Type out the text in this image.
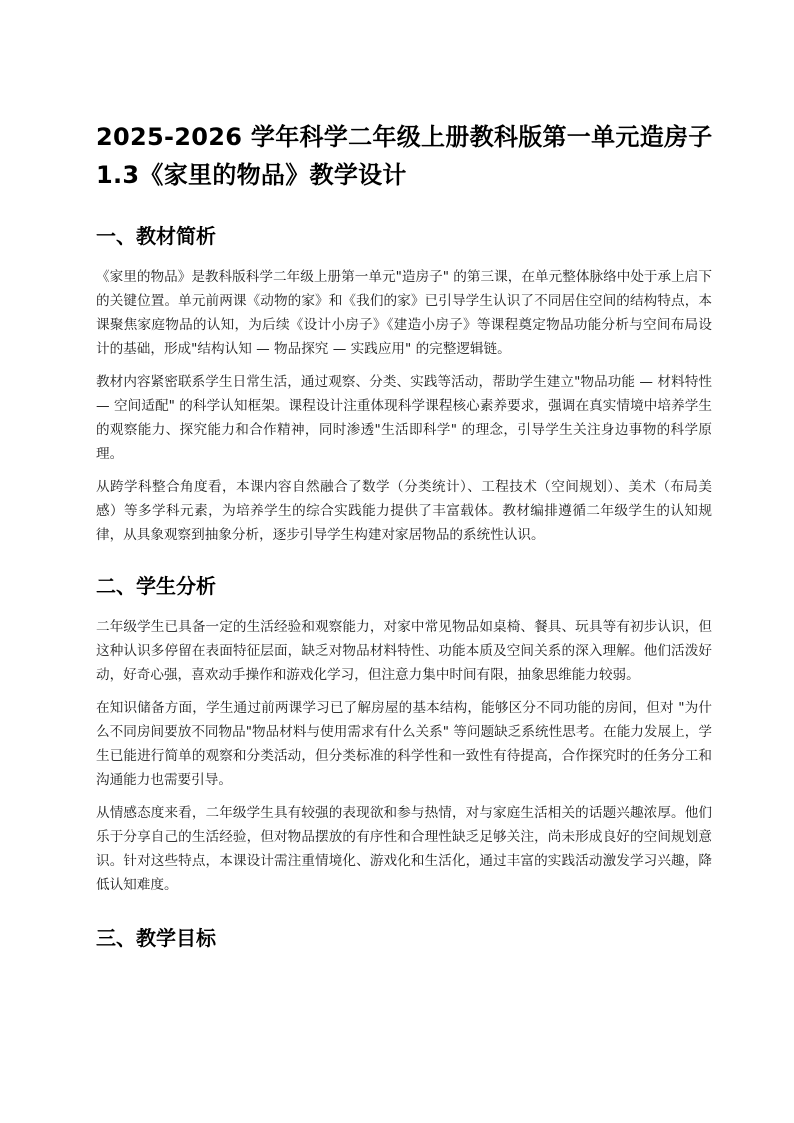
2025-2026 学年科学二年级上册教科版第一单元造房子
1.3《家里的物品》教学设计
一、教材简析

《家里的物品》是教科版科学二年级上册第一单元"造房子" 的第三课，在单元整体脉络中处于承上启下的关键位置。单元前两课《动物的家》和《我们的家》已引导学生认识了不同居住空间的结构特点，本课聚焦家庭物品的认知，为后续《设计小房子》《建造小房子》等课程奠定物品功能分析与空间布局设计的基础，形成"结构认知 — 物品探究 — 实践应用" 的完整逻辑链。

教材内容紧密联系学生日常生活，通过观察、分类、实践等活动，帮助学生建立"物品功能 — 材料特性 — 空间适配" 的科学认知框架。课程设计注重体现科学课程核心素养要求，强调在真实情境中培养学生的观察能力、探究能力和合作精神，同时渗透"生活即科学" 的理念，引导学生关注身边事物的科学原理。

从跨学科整合角度看，本课内容自然融合了数学（分类统计）、工程技术（空间规划）、美术（布局美感）等多学科元素，为培养学生的综合实践能力提供了丰富载体。教材编排遵循二年级学生的认知规律，从具象观察到抽象分析，逐步引导学生构建对家居物品的系统性认识。

二、学生分析

二年级学生已具备一定的生活经验和观察能力，对家中常见物品如桌椅、餐具、玩具等有初步认识，但这种认识多停留在表面特征层面，缺乏对物品材料特性、功能本质及空间关系的深入理解。他们活泼好动，好奇心强，喜欢动手操作和游戏化学习，但注意力集中时间有限，抽象思维能力较弱。

在知识储备方面，学生通过前两课学习已了解房屋的基本结构，能够区分不同功能的房间，但对 "为什么不同房间要放不同物品"物品材料与使用需求有什么关系" 等问题缺乏系统性思考。在能力发展上，学生已能进行简单的观察和分类活动，但分类标准的科学性和一致性有待提高，合作探究时的任务分工和沟通能力也需要引导。

从情感态度来看，二年级学生具有较强的表现欲和参与热情，对与家庭生活相关的话题兴趣浓厚。他们乐于分享自己的生活经验，但对物品摆放的有序性和合理性缺乏足够关注，尚未形成良好的空间规划意识。针对这些特点，本课设计需注重情境化、游戏化和生活化，通过丰富的实践活动激发学习兴趣，降低认知难度。

三、教学目标
